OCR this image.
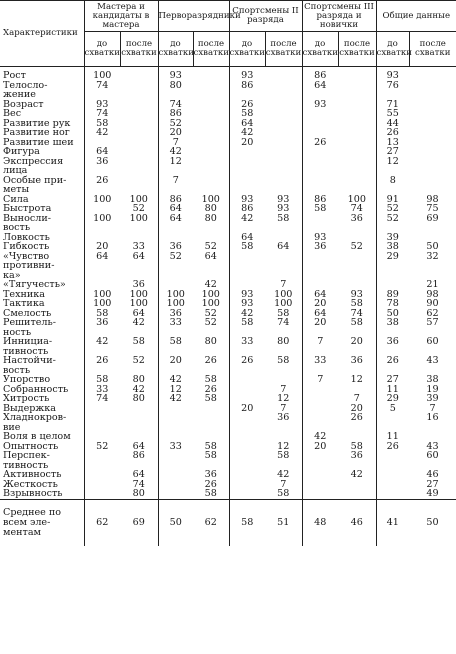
Характеристики	Мастера и кандидаты в мастера		Перворазрядники		Спортсмены II разряда		Спортсмены III разряда и новички		Общие данные	
	до схватки	после схватки	до схватки	после схватки	до схватки	после схватки	до схватки	после схватки	до схватки	после схватки

Рост	100		93		93		86		93	
Телосло-	74		80		86		64		76	
жение										
Возраст	93		74		26		93		71	
Вес	74		86		58				55	
Развитие рук	58		52		64				44	
Развитие ног	42		20		42				26	
Развитие шеи			7		20		26		13	
Фигура	64		42						27	
Экспрессия	36		12						12	
лица										
Особые при-	26		7						8	
меты										
Сила	100	100	86	100	93	93	86	100	91	98
Быстрота		52	64	80	86	93	58	74	52	75
Выносли-	100	100	64	80	42	58		36	52	69
вость										
Ловкость					64		93		39	
Гибкость	20	33	36	52	58	64	36	52	38	50
«Чувство	64	64	52	64					29	32
противни-										
ка»										
«Тягучесть»		36		42		7				21
Техника	100	100	100	100	93	100	64	93	89	98
Тактика	100	100	100	100	93	100	20	58	78	90
Смелость	58	64	36	52	42	58	64	74	50	62
Решитель-	36	42	33	52	58	74	20	58	38	57
ность										
Иннициа-	42	58	58	80	33	80	7	20	36	60
тивность										
Настойчи-	26	52	20	26	26	58	33	36	26	43
вость										
Упорство	58	80	42	58			7	12	27	38
Собранность	33	42	12	26		7			11	19
Хитрость	74	80	42	58		12		7	29	39
Выдержка					20	7		20	5	7
Хладнокров-						36		26		16
вие										
Воля в целом							42		11	
Опытность	52	64	33	58		12	20	58	26	43
Перспек-		86		58		58		36		60
тивность										
Активность		64		36		42		42		46
Жесткость		74		26		7				27
Взрывность		80		58		58				49
Среднее по
всем эле-
ментам	62	69	50	62	58	51	48	46	41	50
